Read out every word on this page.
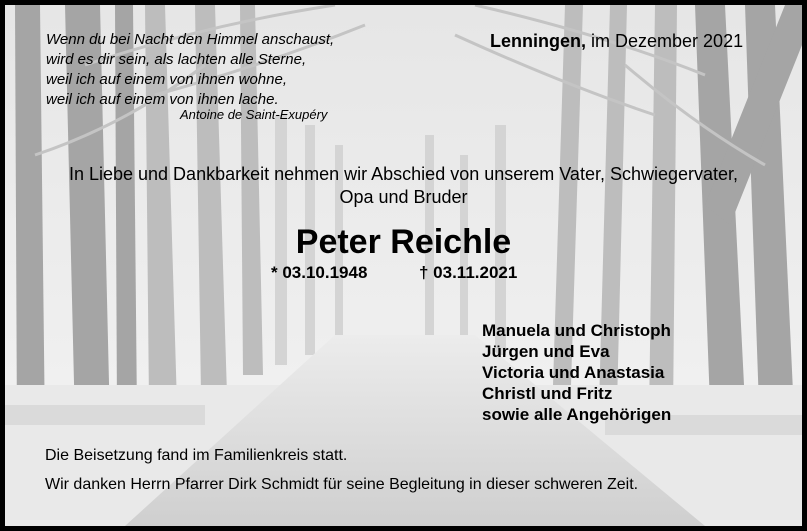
Wenn du bei Nacht den Himmel anschaust,
wird es dir sein, als lachten alle Sterne,
weil ich auf einem von ihnen wohne,
weil ich auf einem von ihnen lache.
Antoine de Saint-Exupéry
Lenningen, im Dezember 2021
In Liebe und Dankbarkeit nehmen wir Abschied von unserem Vater, Schwiegervater,
Opa und Bruder
Peter Reichle
* 03.10.1948	† 03.11.2021
Manuela und Christoph
Jürgen und Eva
Victoria und Anastasia
Christl und Fritz
sowie alle Angehörigen
Die Beisetzung fand im Familienkreis statt.
Wir danken Herrn Pfarrer Dirk Schmidt für seine Begleitung in dieser schweren Zeit.
